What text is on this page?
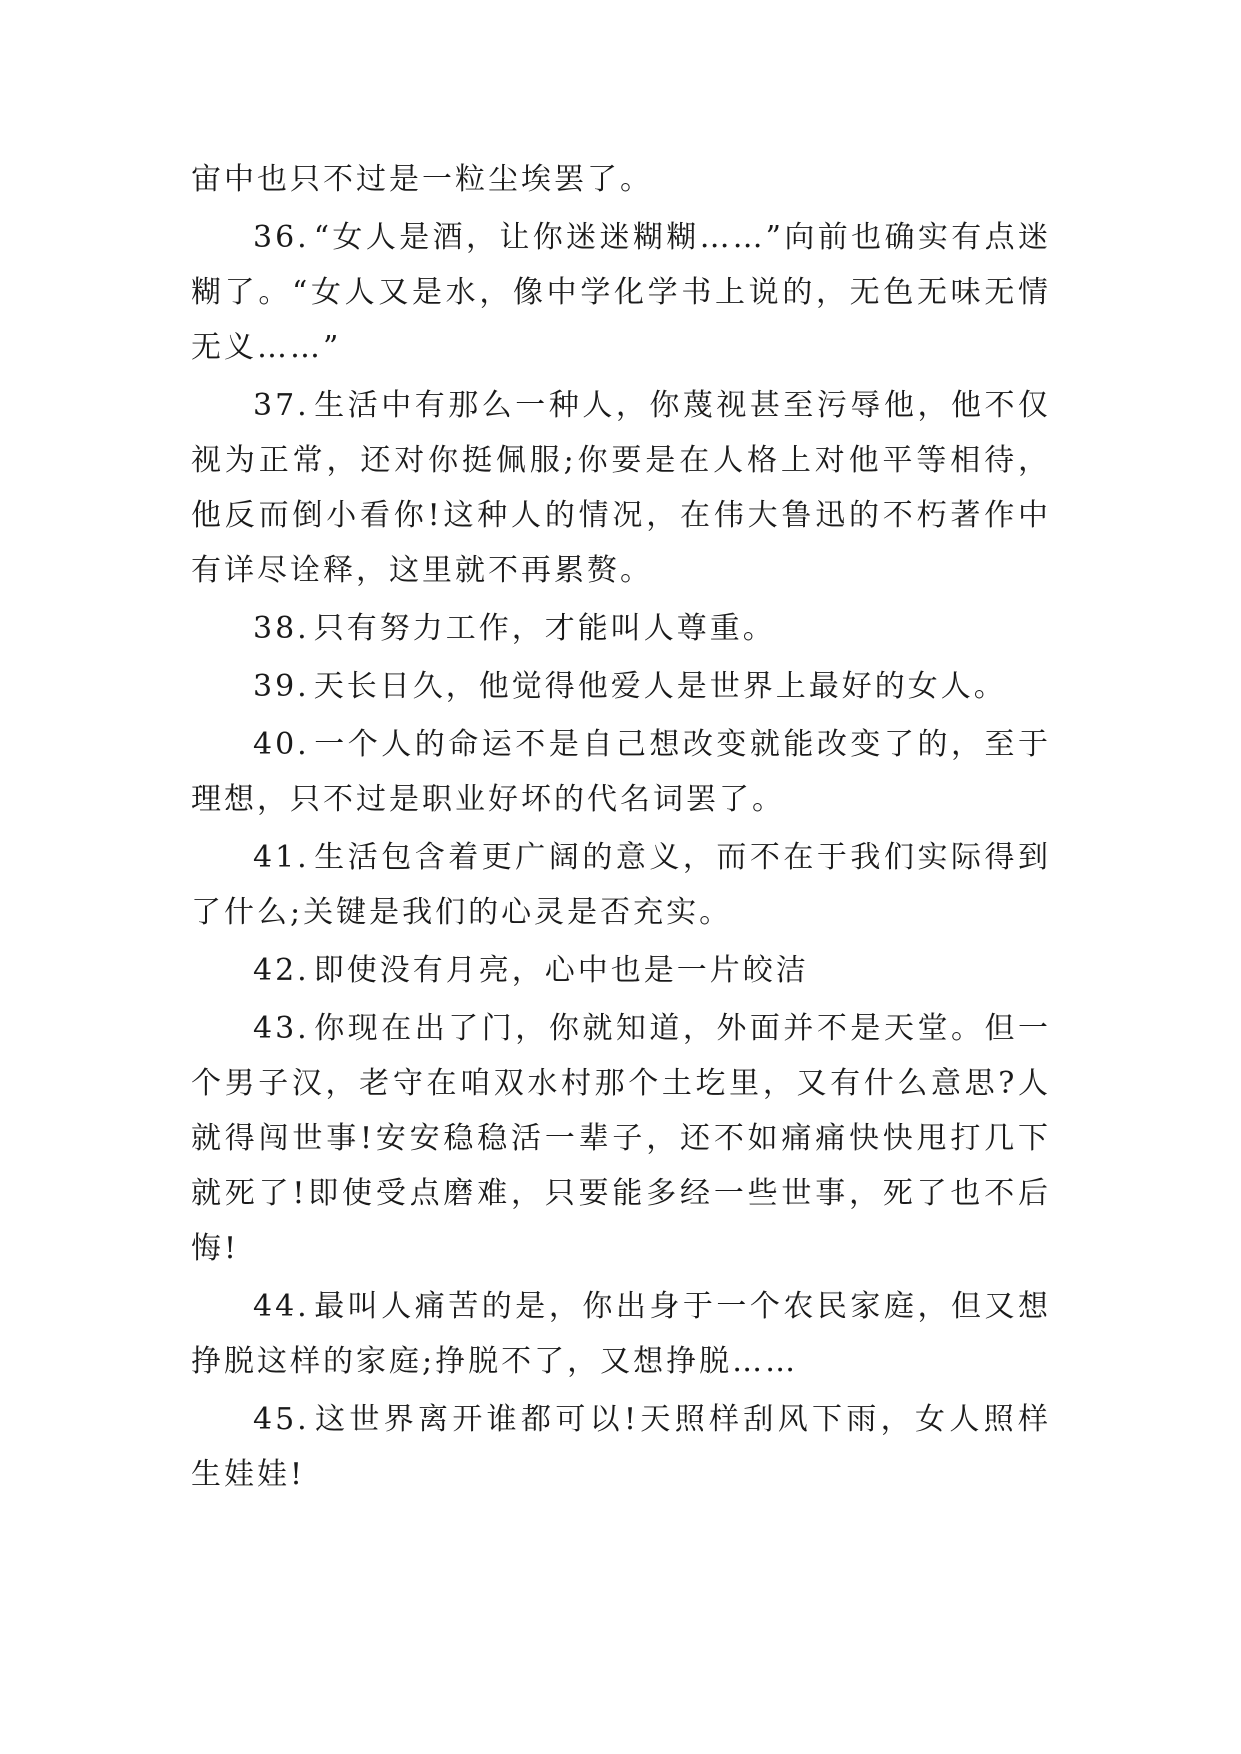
宙中也只不过是一粒尘埃罢了。

36. “女人是酒，让你迷迷糊糊……”向前也确实有点迷糊了。“女人又是水，像中学化学书上说的，无色无味无情无义……”

37. 生活中有那么一种人，你蔑视甚至污辱他，他不仅视为正常，还对你挺佩服;你要是在人格上对他平等相待，他反而倒小看你!这种人的情况，在伟大鲁迅的不朽著作中有详尽诠释，这里就不再累赘。

38. 只有努力工作，才能叫人尊重。

39. 天长日久，他觉得他爱人是世界上最好的女人。

40. 一个人的命运不是自己想改变就能改变了的，至于理想，只不过是职业好坏的代名词罢了。

41. 生活包含着更广阔的意义，而不在于我们实际得到了什么;关键是我们的心灵是否充实。

42. 即使没有月亮，心中也是一片皎洁

43. 你现在出了门，你就知道，外面并不是天堂。但一个男子汉，老守在咱双水村那个土圪里，又有什么意思?人就得闯世事!安安稳稳活一辈子，还不如痛痛快快甩打几下就死了!即使受点磨难，只要能多经一些世事，死了也不后悔!

44. 最叫人痛苦的是，你出身于一个农民家庭，但又想挣脱这样的家庭;挣脱不了，又想挣脱……

45. 这世界离开谁都可以!天照样刮风下雨，女人照样生娃娃!
